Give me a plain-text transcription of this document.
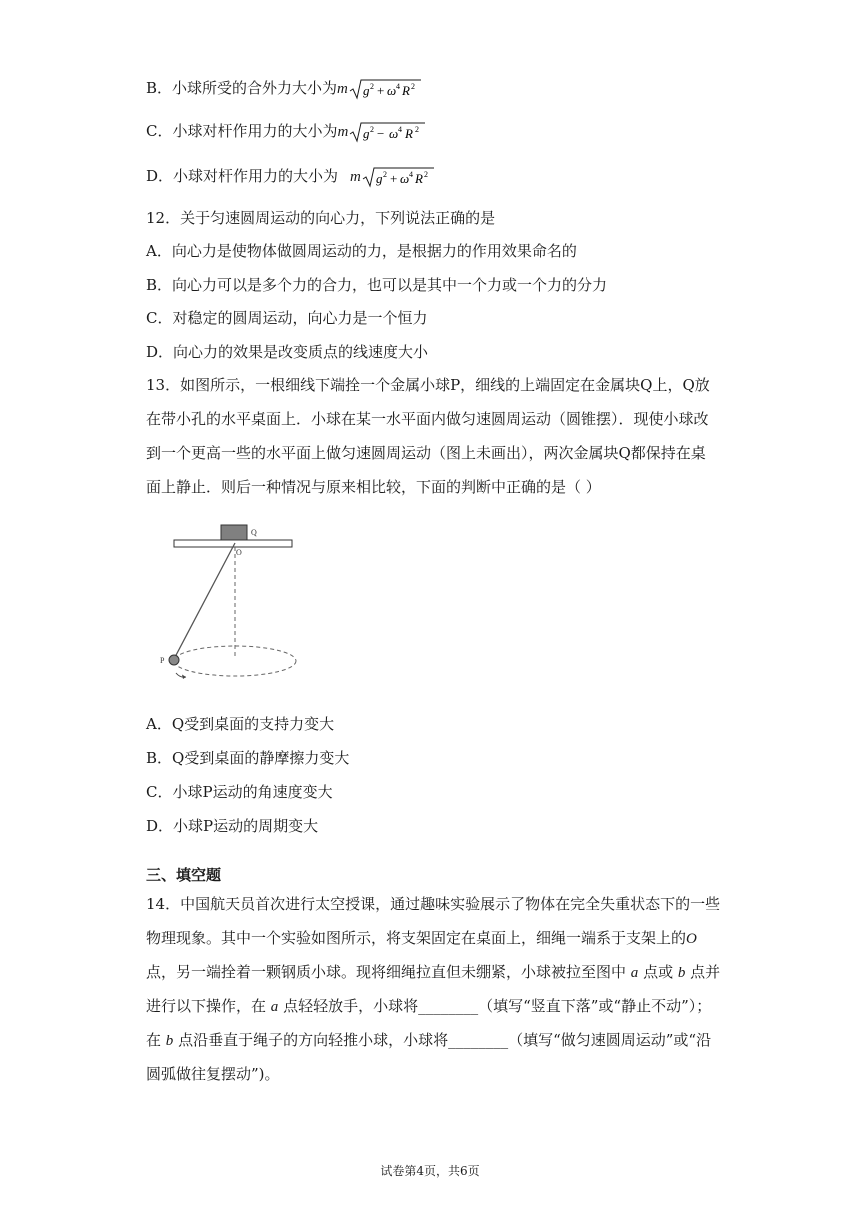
B．小球所受的合外力大小为m g 2 + ω 4 R 2
C．小球对杆作用力的大小为m g 2 − ω 4 R 2
D．小球对杆作用力的大小为 m g 2 + ω 4 R 2
12．关于匀速圆周运动的向心力，下列说法正确的是
A．向心力是使物体做圆周运动的力，是根据力的作用效果命名的
B．向心力可以是多个力的合力，也可以是其中一个力或一个力的分力
C．对稳定的圆周运动，向心力是一个恒力
D．向心力的效果是改变质点的线速度大小
13．如图所示，一根细线下端拴一个金属小球P，细线的上端固定在金属块Q上，Q放
在带小孔的水平桌面上．小球在某一水平面内做匀速圆周运动（圆锥摆）．现使小球改
到一个更高一些的水平面上做匀速圆周运动（图上未画出），两次金属块Q都保持在桌
面上静止．则后一种情况与原来相比较，下面的判断中正确的是（ ）
Q
O
P
A．Q受到桌面的支持力变大
B．Q受到桌面的静摩擦力变大
C．小球P运动的角速度变大
D．小球P运动的周期变大
三、填空题
14．中国航天员首次进行太空授课，通过趣味实验展示了物体在完全失重状态下的一些
物理现象。其中一个实验如图所示，将支架固定在桌面上，细绳一端系于支架上的O
点，另一端拴着一颗钢质小球。现将细绳拉直但未绷紧，小球被拉至图中 a 点或 b 点并
进行以下操作，在 a 点轻轻放手，小球将________（填写“竖直下落”或“静止不动”）；
在 b 点沿垂直于绳子的方向轻推小球，小球将________（填写“做匀速圆周运动”或“沿
圆弧做往复摆动”)。
试卷第4页，共6页
